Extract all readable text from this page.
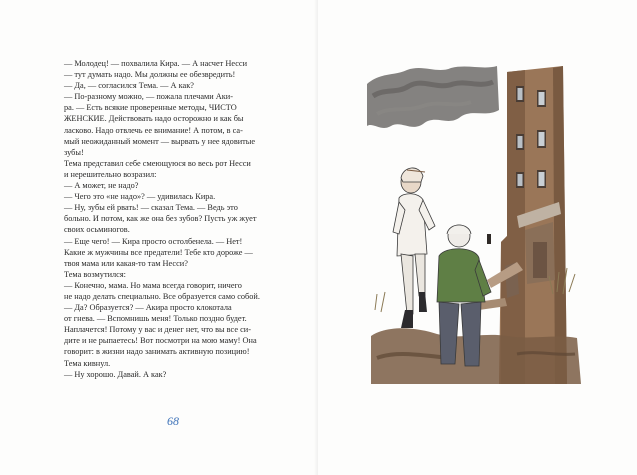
— Молодец! — похвалила Кира. — А насчет Несси
— тут думать надо. Мы должны ее обезвредить!
— Да, — согласился Тема. — А как?
— По-разному можно, — пожала плечами Аки-
ра. — Есть всякие проверенные методы, ЧИСТО
ЖЕНСКИЕ. Действовать надо осторожно и как бы
ласково. Надо отвлечь ее внимание! А потом, в са-
мый неожиданный момент — вырвать у нее ядовитые
зубы!
Тема представил себе смеющуюся во весь рот Несси
и нерешительно возразил:
— А может, не надо?
— Чего это «не надо»? — удивилась Кира.
— Ну, зубы ей рвать! — сказал Тема. — Ведь это
больно. И потом, как же она без зубов? Пусть уж жует
своих осьминогов.
— Еще чего! — Кира просто остолбенела. — Нет!
Какие ж мужчины все предатели! Тебе кто дороже —
твоя мама или какая-то там Несси?
Тема возмутился:
— Конечно, мама. Но мама всегда говорит, ничего
не надо делать специально. Все образуется само собой.
— Да? Образуется? — Акира просто клокотала
от гнева. — Вспомнишь меня! Только поздно будет.
Наплачется! Потому у вас и денег нет, что вы все си-
дите и не рыпаетесь! Вот посмотри на мою маму! Она
говорит: в жизни надо занимать активную позицию!
Тема кивнул.
— Ну хорошо. Давай. А как?
68
